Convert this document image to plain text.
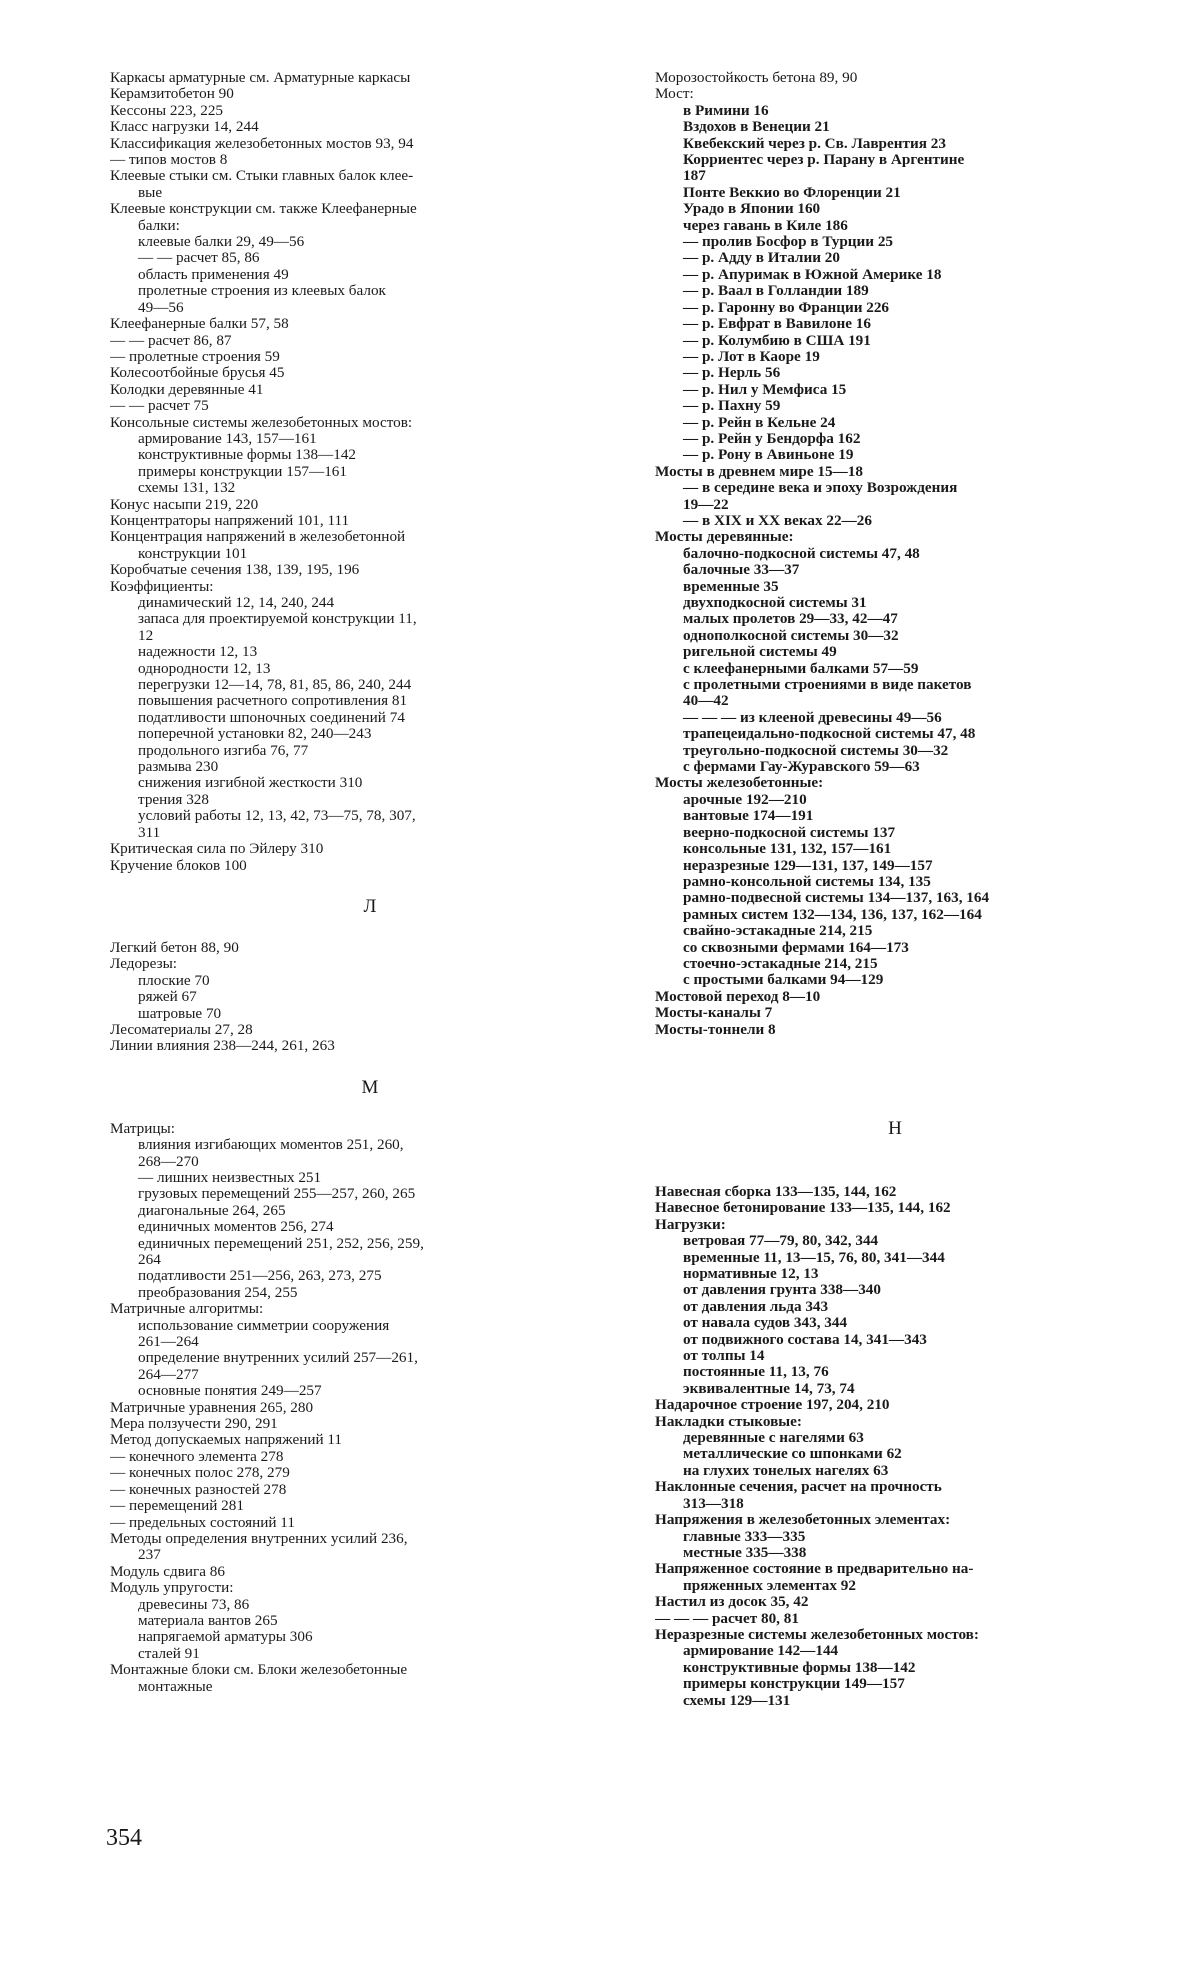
Каркасы арматурные см. Арматурные каркасы
Керамзитобетон 90
Кессоны 223, 225
Класс нагрузки 14, 244
Классификация железобетонных мостов 93, 94
— типов мостов 8
Клеевые стыки см. Стыки главных балок клее-
вые
Клеевые конструкции см. также Клеефанерные
балки:
клеевые балки 29, 49—56
— — расчет 85, 86
область применения 49
пролетные строения из клеевых балок
49—56
Клеефанерные балки 57, 58
— — расчет 86, 87
— пролетные строения 59
Колесоотбойные брусья 45
Колодки деревянные 41
— — расчет 75
Консольные системы железобетонных мостов:
армирование 143, 157—161
конструктивные формы 138—142
примеры конструкции 157—161
схемы 131, 132
Конус насыпи 219, 220
Концентраторы напряжений 101, 111
Концентрация напряжений в железобетонной
конструкции 101
Коробчатые сечения 138, 139, 195, 196
Коэффициенты:
динамический 12, 14, 240, 244
запаса для проектируемой конструкции 11,
12
надежности 12, 13
однородности 12, 13
перегрузки 12—14, 78, 81, 85, 86, 240, 244
повышения расчетного сопротивления 81
податливости шпоночных соединений 74
поперечной установки 82, 240—243
продольного изгиба 76, 77
размыва 230
снижения изгибной жесткости 310
трения 328
условий работы 12, 13, 42, 73—75, 78, 307,
311
Критическая сила по Эйлеру 310
Кручение блоков 100
Л
Легкий бетон 88, 90
Ледорезы:
плоские 70
ряжей 67
шатровые 70
Лесоматериалы 27, 28
Линии влияния 238—244, 261, 263
М
Матрицы:
влияния изгибающих моментов 251, 260,
268—270
— лишних неизвестных 251
грузовых перемещений 255—257, 260, 265
диагональные 264, 265
единичных моментов 256, 274
единичных перемещений 251, 252, 256, 259,
264
податливости 251—256, 263, 273, 275
преобразования 254, 255
Матричные алгоритмы:
использование симметрии сооружения
261—264
определение внутренних усилий 257—261,
264—277
основные понятия 249—257
Матричные уравнения 265, 280
Мера ползучести 290, 291
Метод допускаемых напряжений 11
— конечного элемента 278
— конечных полос 278, 279
— конечных разностей 278
— перемещений 281
— предельных состояний 11
Методы определения внутренних усилий 236,
237
Модуль сдвига 86
Модуль упругости:
древесины 73, 86
материала вантов 265
напрягаемой арматуры 306
сталей 91
Монтажные блоки см. Блоки железобетонные
монтажные
Морозостойкость бетона 89, 90
Мост:
в Римини 16
Вздохов в Венеции 21
Квебекский через р. Св. Лаврентия 23
Корриентес через р. Парану в Аргентине
187
Понте Веккио во Флоренции 21
Урадо в Японии 160
через гавань в Киле 186
— пролив Босфор в Турции 25
— р. Адду в Италии 20
— р. Апуримак в Южной Америке 18
— р. Ваал в Голландии 189
— р. Гаронну во Франции 226
— р. Евфрат в Вавилоне 16
— р. Колумбию в США 191
— р. Лот в Каоре 19
— р. Нерль 56
— р. Нил у Мемфиса 15
— р. Пахну 59
— р. Рейн в Кельне 24
— р. Рейн у Бендорфа 162
— р. Рону в Авиньоне 19
Мосты в древнем мире 15—18
— в середине века и эпоху Возрождения
19—22
— в XIX и XX веках 22—26
Мосты деревянные:
балочно-подкосной системы 47, 48
балочные 33—37
временные 35
двухподкосной системы 31
малых пролетов 29—33, 42—47
однополкосной системы 30—32
ригельной системы 49
с клеефанерными балками 57—59
с пролетными строениями в виде пакетов
40—42
— — — из клееной древесины 49—56
трапецеидально-подкосной системы 47, 48
треугольно-подкосной системы 30—32
с фермами Гау-Журавского 59—63
Мосты железобетонные:
арочные 192—210
вантовые 174—191
веерно-подкосной системы 137
консольные 131, 132, 157—161
неразрезные 129—131, 137, 149—157
рамно-консольной системы 134, 135
рамно-подвесной системы 134—137, 163, 164
рамных систем 132—134, 136, 137, 162—164
свайно-эстакадные 214, 215
со сквозными фермами 164—173
стоечно-эстакадные 214, 215
с простыми балками 94—129
Мостовой переход 8—10
Мосты-каналы 7
Мосты-тоннели 8
Н
Навесная сборка 133—135, 144, 162
Навесное бетонирование 133—135, 144, 162
Нагрузки:
ветровая 77—79, 80, 342, 344
временные 11, 13—15, 76, 80, 341—344
нормативные 12, 13
от давления грунта 338—340
от давления льда 343
от навала судов 343, 344
от подвижного состава 14, 341—343
от толпы 14
постоянные 11, 13, 76
эквивалентные 14, 73, 74
Надарочное строение 197, 204, 210
Накладки стыковые:
деревянные с нагелями 63
металлические со шпонками 62
на глухих тонелых нагелях 63
Наклонные сечения, расчет на прочность
313—318
Напряжения в железобетонных элементах:
главные 333—335
местные 335—338
Напряженное состояние в предварительно на-
пряженных элементах 92
Настил из досок 35, 42
— — — расчет 80, 81
Неразрезные системы железобетонных мостов:
армирование 142—144
конструктивные формы 138—142
примеры конструкции 149—157
схемы 129—131
354
